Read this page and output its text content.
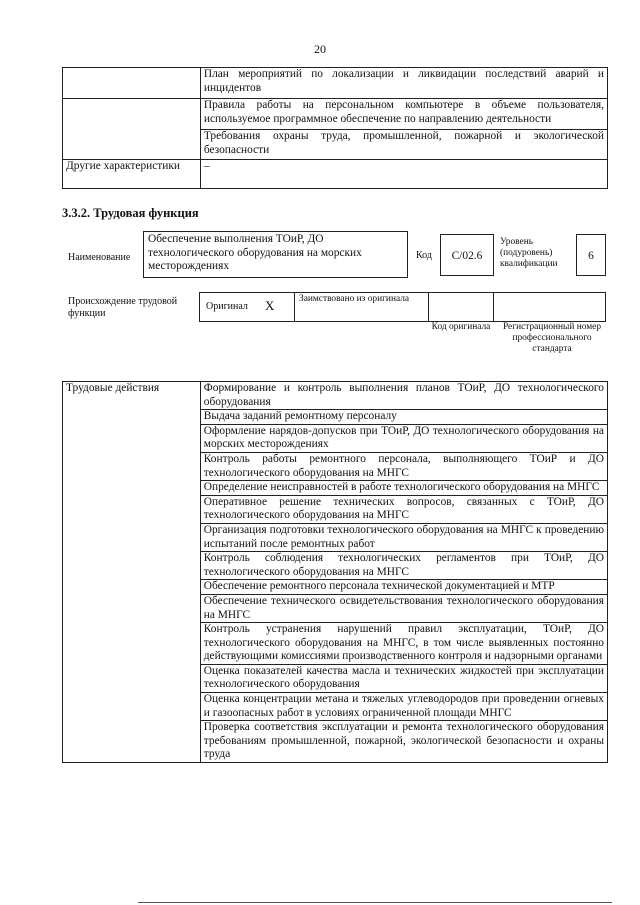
20
	План мероприятий по локализации и ликвидации последствий аварий и инцидентов
	Правила работы на персональном компьютере в объеме пользователя, используемое программное обеспечение по направлению деятельности
	Требования охраны труда, промышленной, пожарной и экологической безопасности
Другие характеристики	–
3.3.2. Трудовая функция
Наименование
Обеспечение выполнения ТОиР, ДО технологического оборудования на морских месторождениях
Код	C/02.6
Уровень (подуровень) квалификации
6
Происхождение трудовой функции
Оригинал X	Заимствовано из оригинала
Код оригинала	Регистрационный номер профессионального стандарта
Трудовые действия	Формирование и контроль выполнения планов ТОиР, ДО технологического оборудования
Выдача заданий ремонтному персоналу
Оформление нарядов-допусков при ТОиР, ДО технологического оборудования на морских месторождениях
Контроль работы ремонтного персонала, выполняющего ТОиР и ДО технологического оборудования на МНГС
Определение неисправностей в работе технологического оборудования на МНГС
Оперативное решение технических вопросов, связанных с ТОиР, ДО технологического оборудования на МНГС
Организация подготовки технологического оборудования на МНГС к проведению испытаний после ремонтных работ
Контроль соблюдения технологических регламентов при ТОиР, ДО технологического оборудования на МНГС
Обеспечение ремонтного персонала технической документацией и МТР
Обеспечение технического освидетельствования технологического оборудования на МНГС
Контроль устранения нарушений правил эксплуатации, ТОиР, ДО технологического оборудования на МНГС, в том числе выявленных постоянно действующими комиссиями производственного контроля и надзорными органами
Оценка показателей качества масла и технических жидкостей при эксплуатации технологического оборудования
Оценка концентрации метана и тяжелых углеводородов при проведении огневых и газоопасных работ в условиях ограниченной площади МНГС
Проверка соответствия эксплуатации и ремонта технологического оборудования требованиям промышленной, пожарной, экологической безопасности и охраны труда
